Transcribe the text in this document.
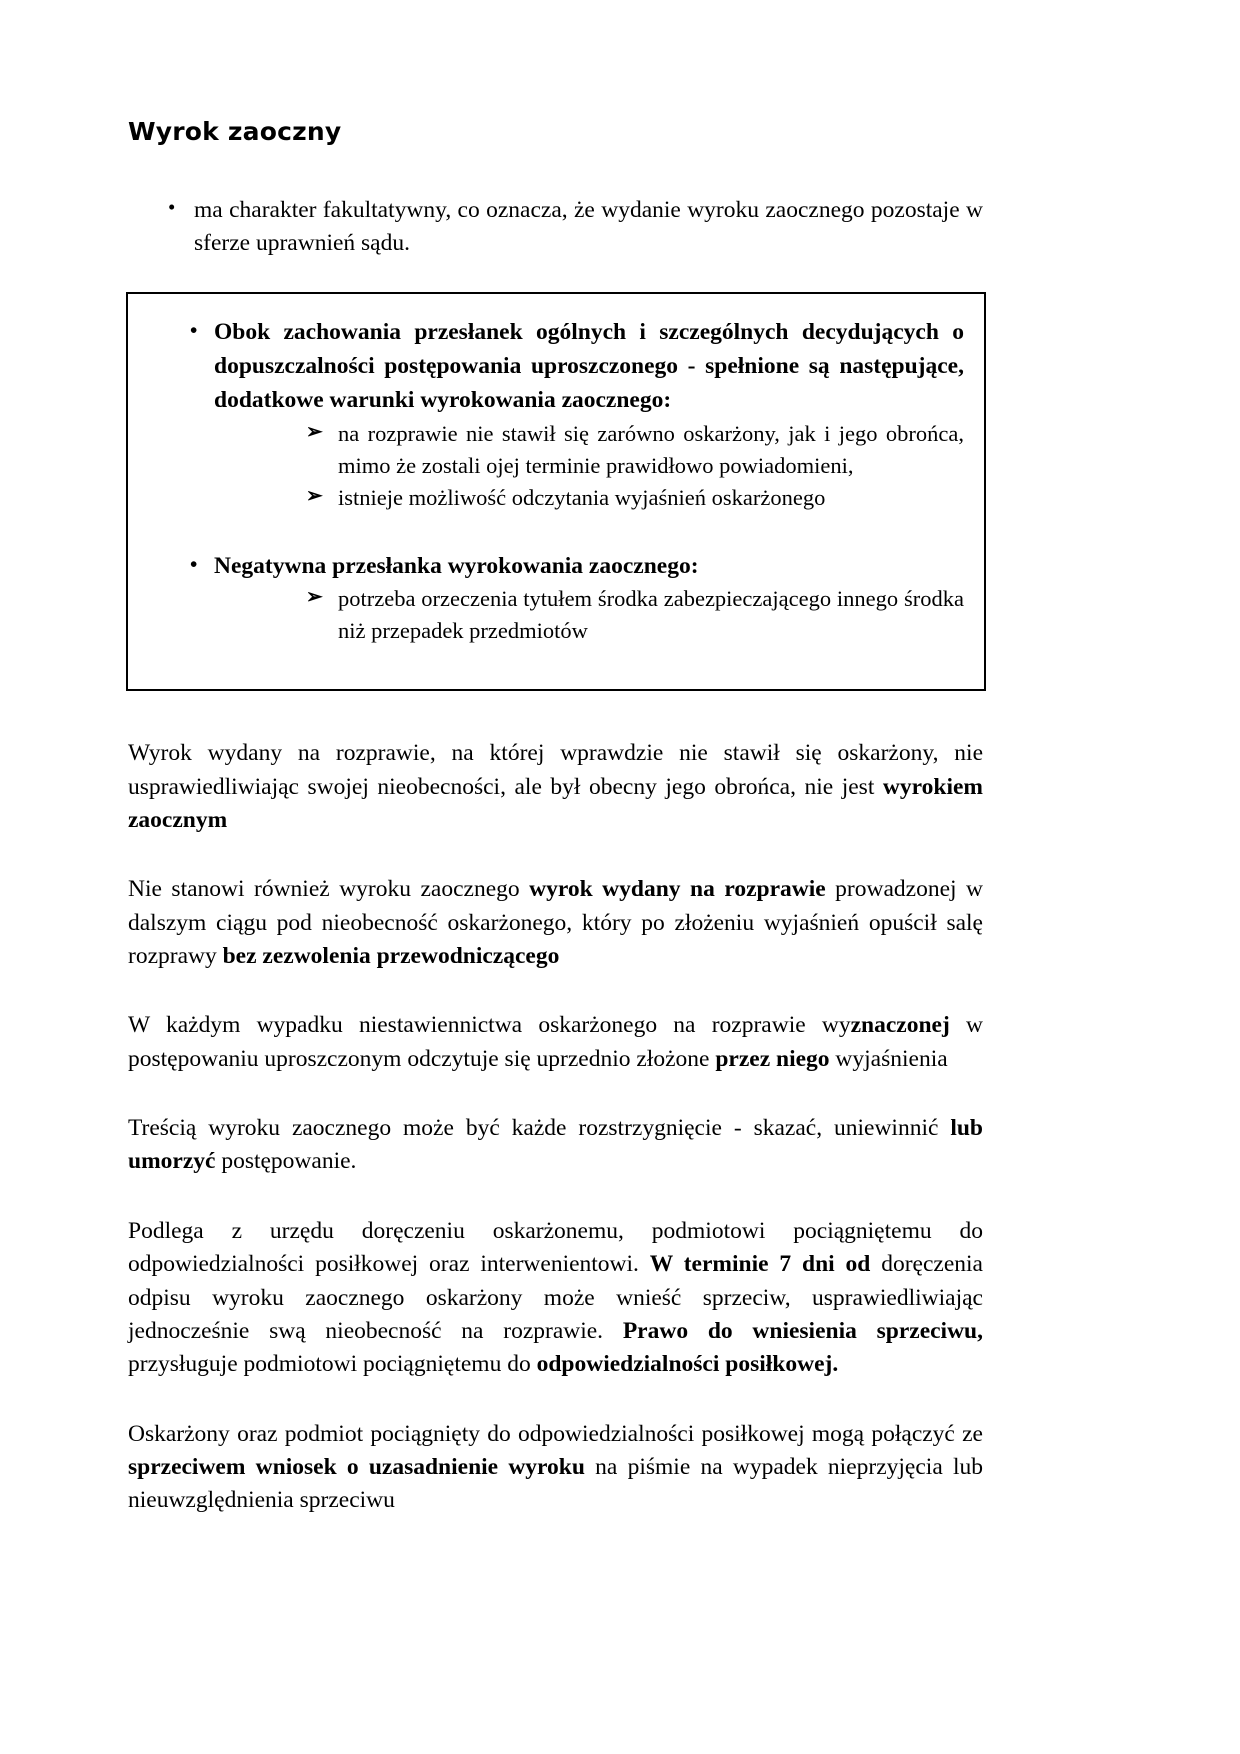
Wyrok zaoczny
• ma charakter fakultatywny, co oznacza, że wydanie wyroku zaocznego pozostaje w sferze uprawnień sądu.
• Obok zachowania przesłanek ogólnych i szczególnych decydujących o dopuszczalności postępowania uproszczonego - spełnione są następujące, dodatkowe warunki wyrokowania zaocznego:
➢ na rozprawie nie stawił się zarówno oskarżony, jak i jego obrońca, mimo że zostali ojej terminie prawidłowo powiadomieni,
➢ istnieje możliwość odczytania wyjaśnień oskarżonego
• Negatywna przesłanka wyrokowania zaocznego:
➢ potrzeba orzeczenia tytułem środka zabezpieczającego innego środka niż przepadek przedmiotów

Wyrok wydany na rozprawie, na której wprawdzie nie stawił się oskarżony, nie usprawiedliwiając swojej nieobecności, ale był obecny jego obrońca, nie jest wyrokiem zaocznym

Nie stanowi również wyroku zaocznego wyrok wydany na rozprawie prowadzonej w dalszym ciągu pod nieobecność oskarżonego, który po złożeniu wyjaśnień opuścił salę rozprawy bez zezwolenia przewodniczącego

W każdym wypadku niestawiennictwa oskarżonego na rozprawie wyznaczonej w postępowaniu uproszczonym odczytuje się uprzednio złożone przez niego wyjaśnienia

Treścią wyroku zaocznego może być każde rozstrzygnięcie - skazać, uniewinnić lub umorzyć postępowanie.

Podlega z urzędu doręczeniu oskarżonemu, podmiotowi pociągniętemu do odpowiedzialności posiłkowej oraz interwenientowi. W terminie 7 dni od doręczenia odpisu wyroku zaocznego oskarżony może wnieść sprzeciw, usprawiedliwiając jednocześnie swą nieobecność na rozprawie. Prawo do wniesienia sprzeciwu, przysługuje podmiotowi pociągniętemu do odpowiedzialności posiłkowej.

Oskarżony oraz podmiot pociągnięty do odpowiedzialności posiłkowej mogą połączyć ze sprzeciwem wniosek o uzasadnienie wyroku na piśmie na wypadek nieprzyjęcia lub nieuwzględnienia sprzeciwu
